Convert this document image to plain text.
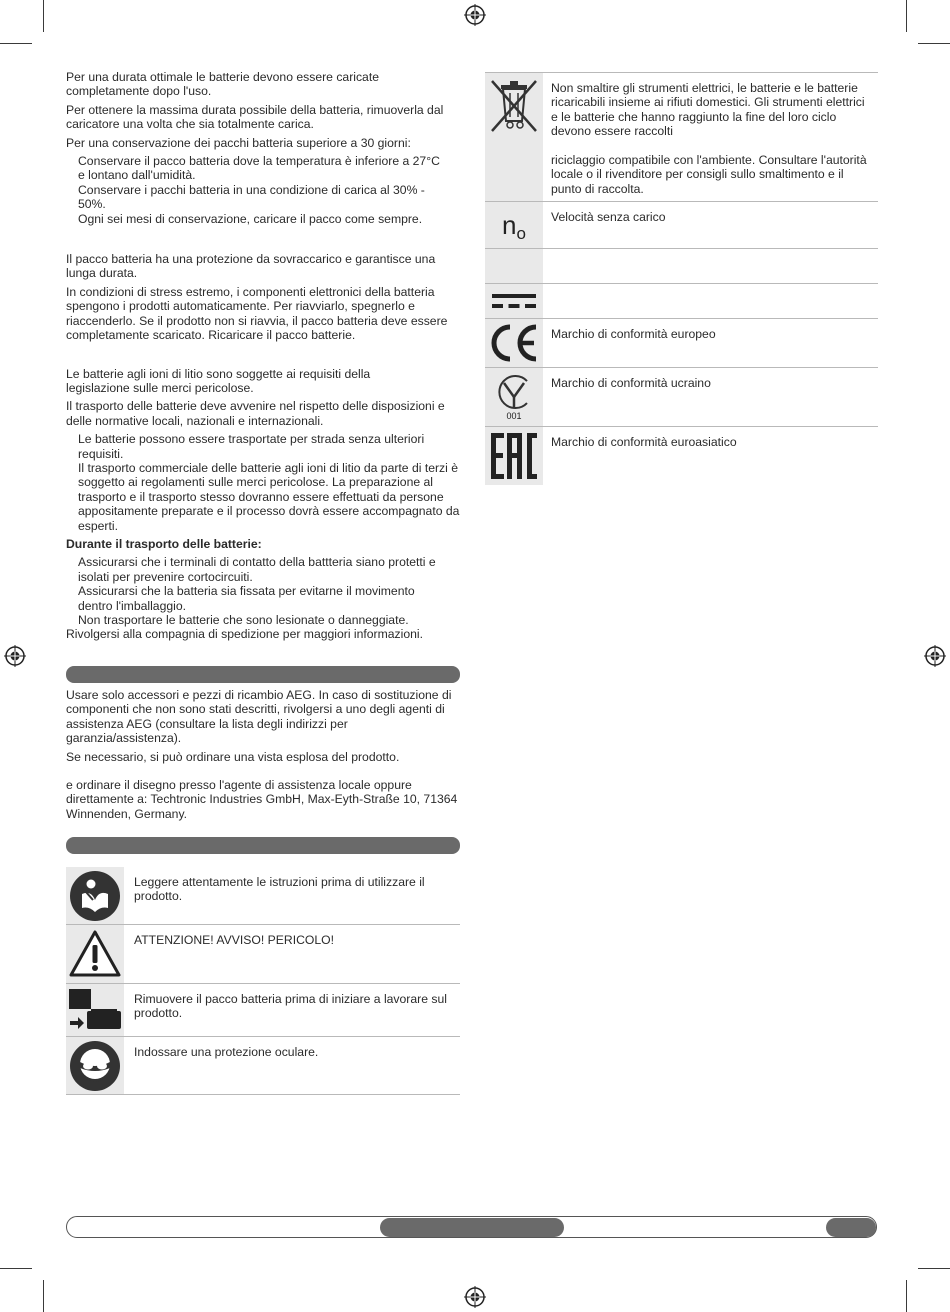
Per una durata ottimale le batterie devono essere caricate completamente dopo l'uso.

Per ottenere la massima durata possibile della batteria, rimuoverla dal caricatore una volta che sia totalmente carica.

Per una conservazione dei pacchi batteria superiore a 30 giorni:

Conservare il pacco batteria dove la temperatura è inferiore a 27°C e lontano dall'umidità.
Conservare i pacchi batteria in una condizione di carica al 30% - 50%.
Ogni sei mesi di conservazione, caricare il pacco come sempre.

Il pacco batteria ha una protezione da sovraccarico e garantisce una lunga durata.

In condizioni di stress estremo, i componenti elettronici della batteria spengono i prodotti automaticamente. Per riavviarlo, spegnerlo e riaccenderlo. Se il prodotto non si riavvia, il pacco batteria deve essere completamente scaricato. Ricaricare il pacco batterie.

Le batterie agli ioni di litio sono soggette ai requisiti della legislazione sulle merci pericolose.

Il trasporto delle batterie deve avvenire nel rispetto delle disposizioni e delle normative locali, nazionali e internazionali.

Le batterie possono essere trasportate per strada senza ulteriori requisiti.
Il trasporto commerciale delle batterie agli ioni di litio da parte di terzi è soggetto ai regolamenti sulle merci pericolose. La preparazione al trasporto e il trasporto stesso dovranno essere effettuati da persone appositamente preparate e il processo dovrà essere accompagnato da esperti.
Durante il trasporto delle batterie:
Assicurarsi che i terminali di contatto della battteria siano protetti e isolati per prevenire cortocircuiti.
Assicurarsi che la batteria sia fissata per evitarne il movimento dentro l'imballaggio.
Non trasportare le batterie che sono lesionate o danneggiate.
Rivolgersi alla compagnia di spedizione per maggiori informazioni.

Usare solo accessori e pezzi di ricambio AEG. In caso di sostituzione di componenti che non sono stati descritti, rivolgersi a uno degli agenti di assistenza AEG (consultare la lista degli indirizzi per garanzia/assistenza).

Se necessario, si può ordinare una vista esplosa del prodotto.

e ordinare il disegno presso l'agente di assistenza locale oppure direttamente a: Techtronic Industries GmbH, Max-Eyth-Straße 10, 71364 Winnenden, Germany.

Leggere attentamente le istruzioni prima di utilizzare il prodotto.
ATTENZIONE! AVVISO! PERICOLO!
Rimuovere il pacco batteria prima di iniziare a lavorare sul prodotto.
Indossare una protezione oculare.
Non smaltire gli strumenti elettrici, le batterie e le batterie ricaricabili insieme ai rifiuti domestici. Gli strumenti elettrici e le batterie che hanno raggiunto la fine del loro ciclo devono essere raccolti
riciclaggio compatibile con l'ambiente. Consultare l'autorità locale o il rivenditore per consigli sullo smaltimento e il punto di raccolta.
n o
Velocità senza carico
Marchio di conformità europeo
001
Marchio di conformità ucraino
Marchio di conformità euroasiatico
